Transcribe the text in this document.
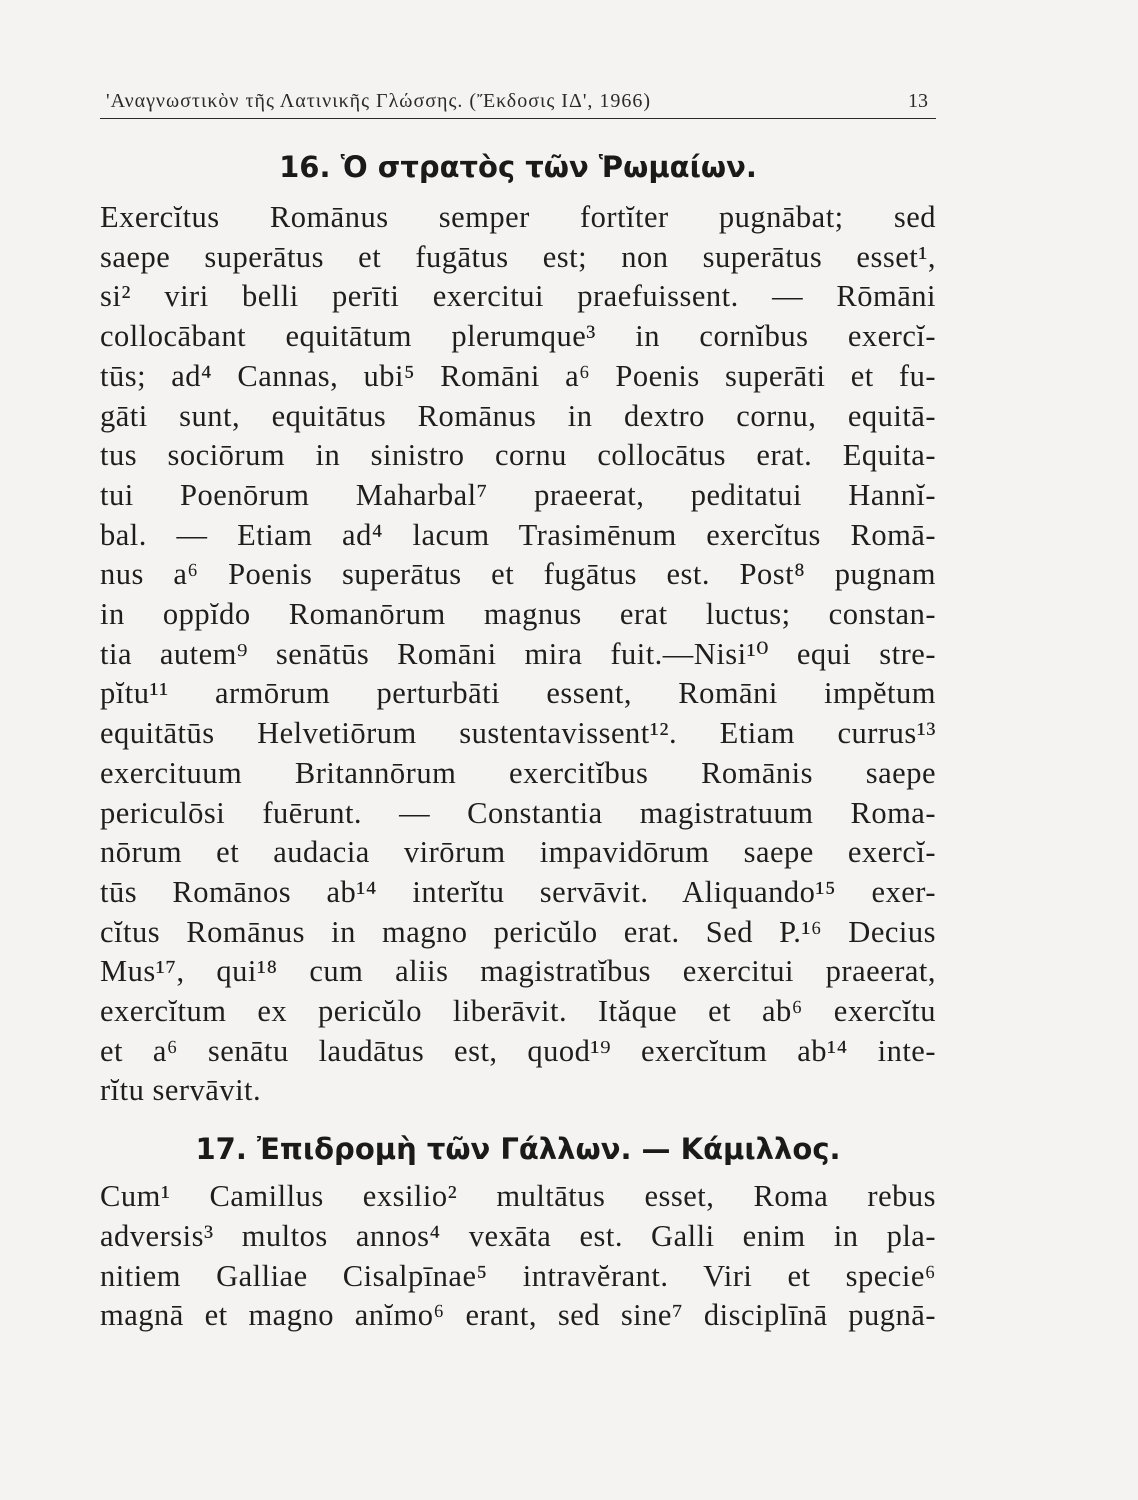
'Αναγνωστικὸν τῆς Λατινικῆς Γλώσσης. (Ἔκδοσις ΙΔ', 1966)	13
16. Ὁ στρατὸς τῶν Ῥωμαίων.
Exercĭtus Romānus semper fortĭter pugnābat; sed
saepe superātus et fugātus est; non superātus esset¹,
si² viri belli perīti exercitui praefuissent. — Rōmāni
collocābant equitātum plerumque³ in cornĭbus exercĭ-
tūs; ad⁴ Cannas, ubi⁵ Romāni a⁶ Poenis superāti et fu-
gāti sunt, equitātus Romānus in dextro cornu, equitā-
tus sociōrum in sinistro cornu collocātus erat. Equita-
tui Poenōrum Maharbal⁷ praeerat, peditatui Hannĭ-
bal. — Etiam ad⁴ lacum Trasimēnum exercĭtus Romā-
nus a⁶ Poenis superātus et fugātus est. Post⁸ pugnam
in oppĭdo Romanōrum magnus erat luctus; constan-
tia autem⁹ senātūs Romāni mira fuit.—Nisi¹⁰ equi stre-
pĭtu¹¹ armōrum perturbāti essent, Romāni impĕtum
equitātūs Helvetiōrum sustentavissent¹². Etiam currus¹³
exercituum Britannōrum exercitĭbus Romānis saepe
periculōsi fuērunt. — Constantia magistratuum Roma-
nōrum et audacia virōrum impavidōrum saepe exercĭ-
tūs Romānos ab¹⁴ interĭtu servāvit. Aliquando¹⁵ exer-
cĭtus Romānus in magno pericŭlo erat. Sed P.¹⁶ Decius
Mus¹⁷, qui¹⁸ cum aliis magistratĭbus exercitui praeerat,
exercĭtum ex pericŭlo liberāvit. Ităque et ab⁶ exercĭtu
et a⁶ senātu laudātus est, quod¹⁹ exercĭtum ab¹⁴ inte-
rĭtu servāvit.
17. Ἐπιδρομὴ τῶν Γάλλων. — Κάμιλλος.
Cum¹ Camillus exsilio² multātus esset, Roma rebus
adversis³ multos annos⁴ vexāta est. Galli enim in pla-
nitiem Galliae Cisalpīnae⁵ intravĕrant. Viri et specie⁶
magnā et magno anĭmo⁶ erant, sed sine⁷ disciplīnā pugnā-
